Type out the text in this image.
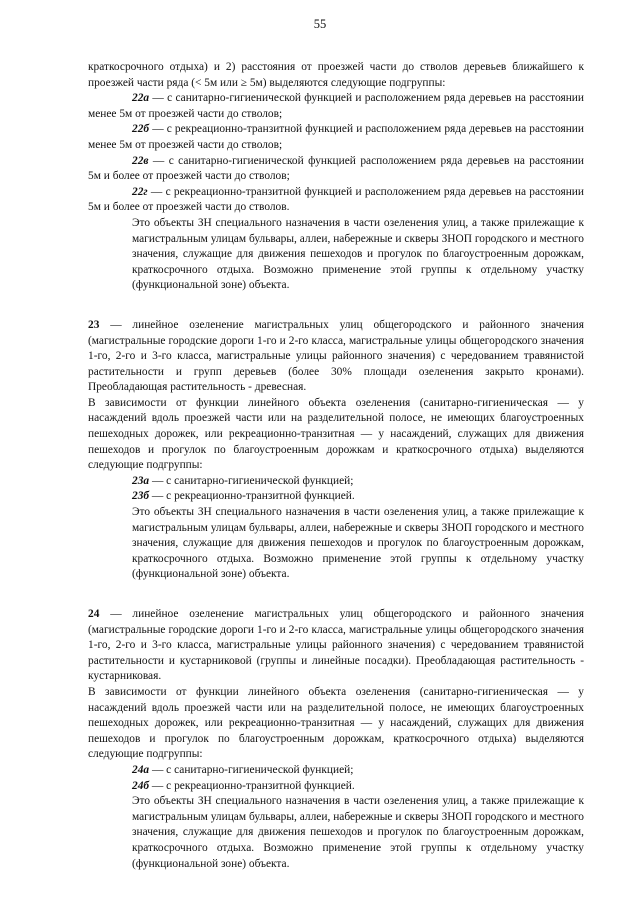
55

краткосрочного отдыха) и 2) расстояния от проезжей части до стволов деревьев ближайшего к проезжей части ряда (< 5м или ≥ 5м) выделяются следующие подгруппы:

22а — с санитарно-гигиенической функцией и расположением ряда деревьев на расстоянии менее 5м от проезжей части до стволов;

22б — с рекреационно-транзитной функцией и расположением ряда деревьев на расстоянии менее 5м от проезжей части до стволов;

22в — с санитарно-гигиенической функцией расположением ряда деревьев на расстоянии 5м и более от проезжей части до стволов;

22г — с рекреационно-транзитной функцией и расположением ряда деревьев на расстоянии 5м и более от проезжей части до стволов.

Это объекты ЗН специального назначения в части озеленения улиц, а также прилежащие к магистральным улицам бульвары, аллеи, набережные и скверы ЗНОП городского и местного значения, служащие для движения пешеходов и прогулок по благоустроенным дорожкам, краткосрочного отдыха. Возможно применение этой группы к отдельному участку (функциональной зоне) объекта.

23 — линейное озеленение магистральных улиц общегородского и районного значения (магистральные городские дороги 1-го и 2-го класса, магистральные улицы общегородского значения 1-го, 2-го и 3-го класса, магистральные улицы районного значения) с чередованием травянистой растительности и групп деревьев (более 30% площади озеленения закрыто кронами). Преобладающая растительность - древесная.

В зависимости от функции линейного объекта озеленения (санитарно-гигиеническая — у насаждений вдоль проезжей части или на разделительной полосе, не имеющих благоустроенных пешеходных дорожек, или рекреационно-транзитная — у насаждений, служащих для движения пешеходов и прогулок по благоустроенным дорожкам и краткосрочного отдыха) выделяются следующие подгруппы:

23а — с санитарно-гигиенической функцией;

23б — с рекреационно-транзитной функцией.

Это объекты ЗН специального назначения в части озеленения улиц, а также прилежащие к магистральным улицам бульвары, аллеи, набережные и скверы ЗНОП городского и местного значения, служащие для движения пешеходов и прогулок по благоустроенным дорожкам, краткосрочного отдыха. Возможно применение этой группы к отдельному участку (функциональной зоне) объекта.

24 — линейное озеленение магистральных улиц общегородского и районного значения (магистральные городские дороги 1-го и 2-го класса, магистральные улицы общегородского значения 1-го, 2-го и 3-го класса, магистральные улицы районного значения) с чередованием травянистой растительности и кустарниковой (группы и линейные посадки). Преобладающая растительность - кустарниковая.

В зависимости от функции линейного объекта озеленения (санитарно-гигиеническая — у насаждений вдоль проезжей части или на разделительной полосе, не имеющих благоустроенных пешеходных дорожек, или рекреационно-транзитная — у насаждений, служащих для движения пешеходов и прогулок по благоустроенным дорожкам, краткосрочного отдыха) выделяются следующие подгруппы:

24а — с санитарно-гигиенической функцией;

24б — с рекреационно-транзитной функцией.

Это объекты ЗН специального назначения в части озеленения улиц, а также прилежащие к магистральным улицам бульвары, аллеи, набережные и скверы ЗНОП городского и местного значения, служащие для движения пешеходов и прогулок по благоустроенным дорожкам, краткосрочного отдыха. Возможно применение этой группы к отдельному участку (функциональной зоне) объекта.
